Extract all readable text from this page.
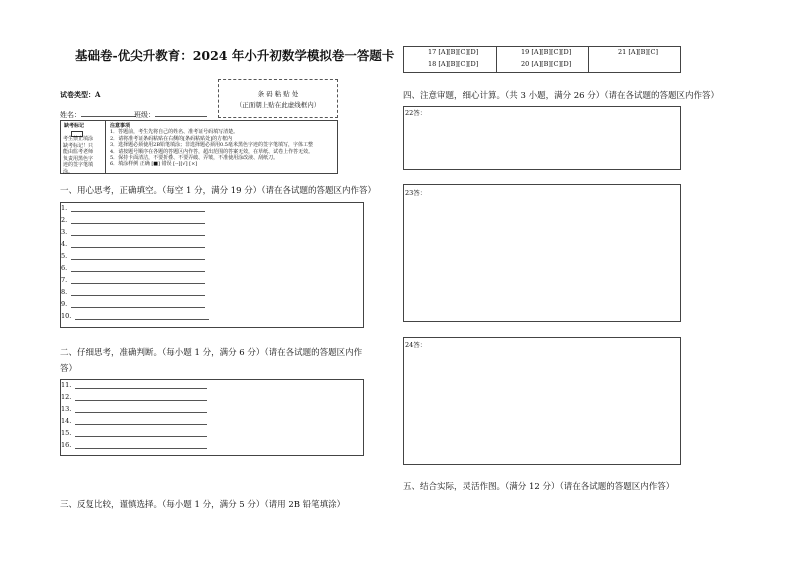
基础卷-优尖升教育：2024 年小升初数学模拟卷一答题卡
试卷类型：A
姓名：	班级：
条 码 粘 贴 处
（正面朝上贴在此虚线框内）
缺考标记
考生禁止填涂
缺考标记！只
能由监考老师
负责用黑色字
迹的签字笔填
涂。
注意事项
1．答题前，考生先将自己的姓名、准考证号码填写清楚。
2．请将准考证条码粘贴在右侧的[条码粘贴处]的方框内
3．选择题必须使用2B铅笔填涂；非选择题必须用0.5毫米黑色字迹的签字笔填写，字体工整
4．请按题号顺序在各题的答题区内作答，超出范围的答案无效，在草纸、试卷上作答无效。
5．保持卡面清洁，不要折叠、不要弄破、弄皱，不准使用涂改液、刮纸刀。
6．填涂样例 正确 [■] 错误 [--][√] [×]
一、用心思考，正确填空。（每空 1 分，满分 19 分）（请在各试题的答题区内作答）
1.
2.
3.
4.
5.
6.
7.
8.
9.
10.
二、仔细思考，准确判断。（每小题 1 分，满分 6 分）（请在各试题的答题区内作
答）
11.
12.
13.
14.
15.
16.
三、反复比较，谨慎选择。（每小题 1 分，满分 5 分）（请用 2B 铅笔填涂）
17 [A][B][C][D]	19 [A][B][C][D]	21 [A][B][C]
18 [A][B][C][D]	20 [A][B][C][D]
四、注意审题，细心计算。（共 3 小题，满分 26 分）（请在各试题的答题区内作答）
22答：
23答：
24答：
五、结合实际，灵活作图。（满分 12 分）（请在各试题的答题区内作答）
